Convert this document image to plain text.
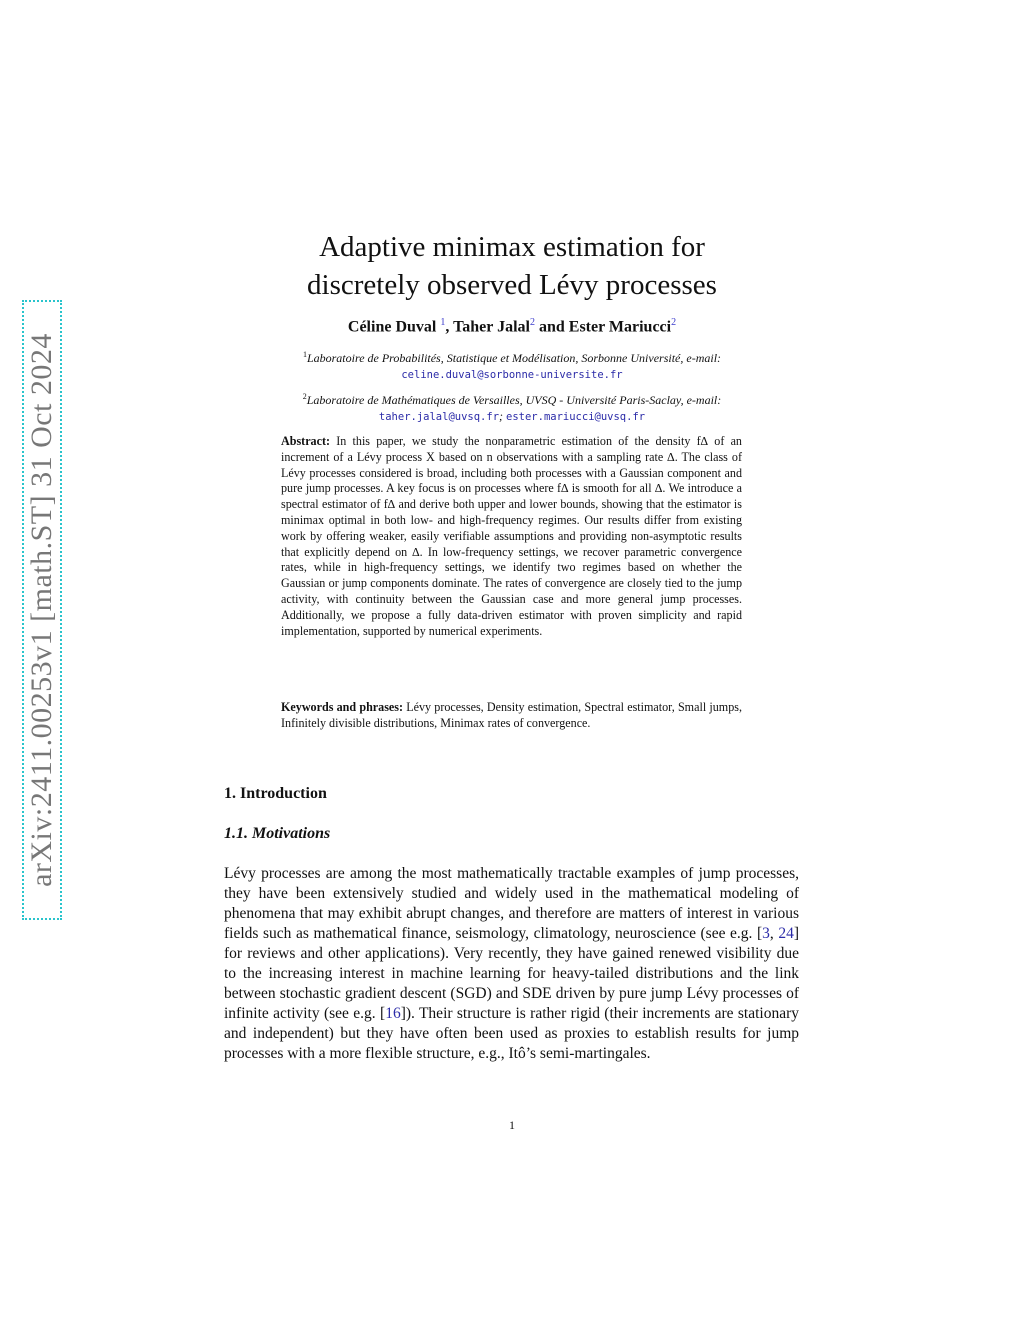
arXiv:2411.00253v1 [math.ST] 31 Oct 2024
Adaptive minimax estimation for
discretely observed Lévy processes
Céline Duval $^1$, Taher Jalal$^2$ and Ester Mariucci$^2$
$^1$Laboratoire de Probabilités, Statistique et Modélisation, Sorbonne Université, e-mail:
celine.duval@sorbonne-universite.fr
$^2$Laboratoire de Mathématiques de Versailles, UVSQ - Université Paris-Saclay, e-mail:
taher.jalal@uvsq.fr; ester.mariucci@uvsq.fr
Abstract: In this paper, we study the nonparametric estimation of the density f∆ of an increment of a Lévy process X based on n observations with a sampling rate ∆. The class of Lévy processes considered is broad, including both processes with a Gaussian component and pure jump processes. A key focus is on processes where f∆ is smooth for all ∆. We introduce a spectral estimator of f∆ and derive both upper and lower bounds, showing that the estimator is minimax optimal in both low- and high-frequency regimes. Our results differ from existing work by offering weaker, easily verifiable assumptions and providing non-asymptotic results that explicitly depend on ∆. In low-frequency settings, we recover parametric convergence rates, while in high-frequency settings, we identify two regimes based on whether the Gaussian or jump components dominate. The rates of convergence are closely tied to the jump activity, with continuity between the Gaussian case and more general jump processes. Additionally, we propose a fully data-driven estimator with proven simplicity and rapid implementation, supported by numerical experiments.
Keywords and phrases: Lévy processes, Density estimation, Spectral estimator, Small jumps, Infinitely divisible distributions, Minimax rates of convergence.
1. Introduction
1.1. Motivations
Lévy processes are among the most mathematically tractable examples of jump processes, they have been extensively studied and widely used in the mathematical modeling of phenomena that may exhibit abrupt changes, and therefore are matters of interest in various fields such as mathematical finance, seismology, climatology, neuroscience (see e.g. [3, 24] for reviews and other applications). Very recently, they have gained renewed visibility due to the increasing interest in machine learning for heavy-tailed distributions and the link between stochastic gradient descent (SGD) and SDE driven by pure jump Lévy processes of infinite activity (see e.g. [16]). Their structure is rather rigid (their increments are stationary and independent) but they have often been used as proxies to establish results for jump processes with a more flexible structure, e.g., Itô’s semi-martingales.
1
